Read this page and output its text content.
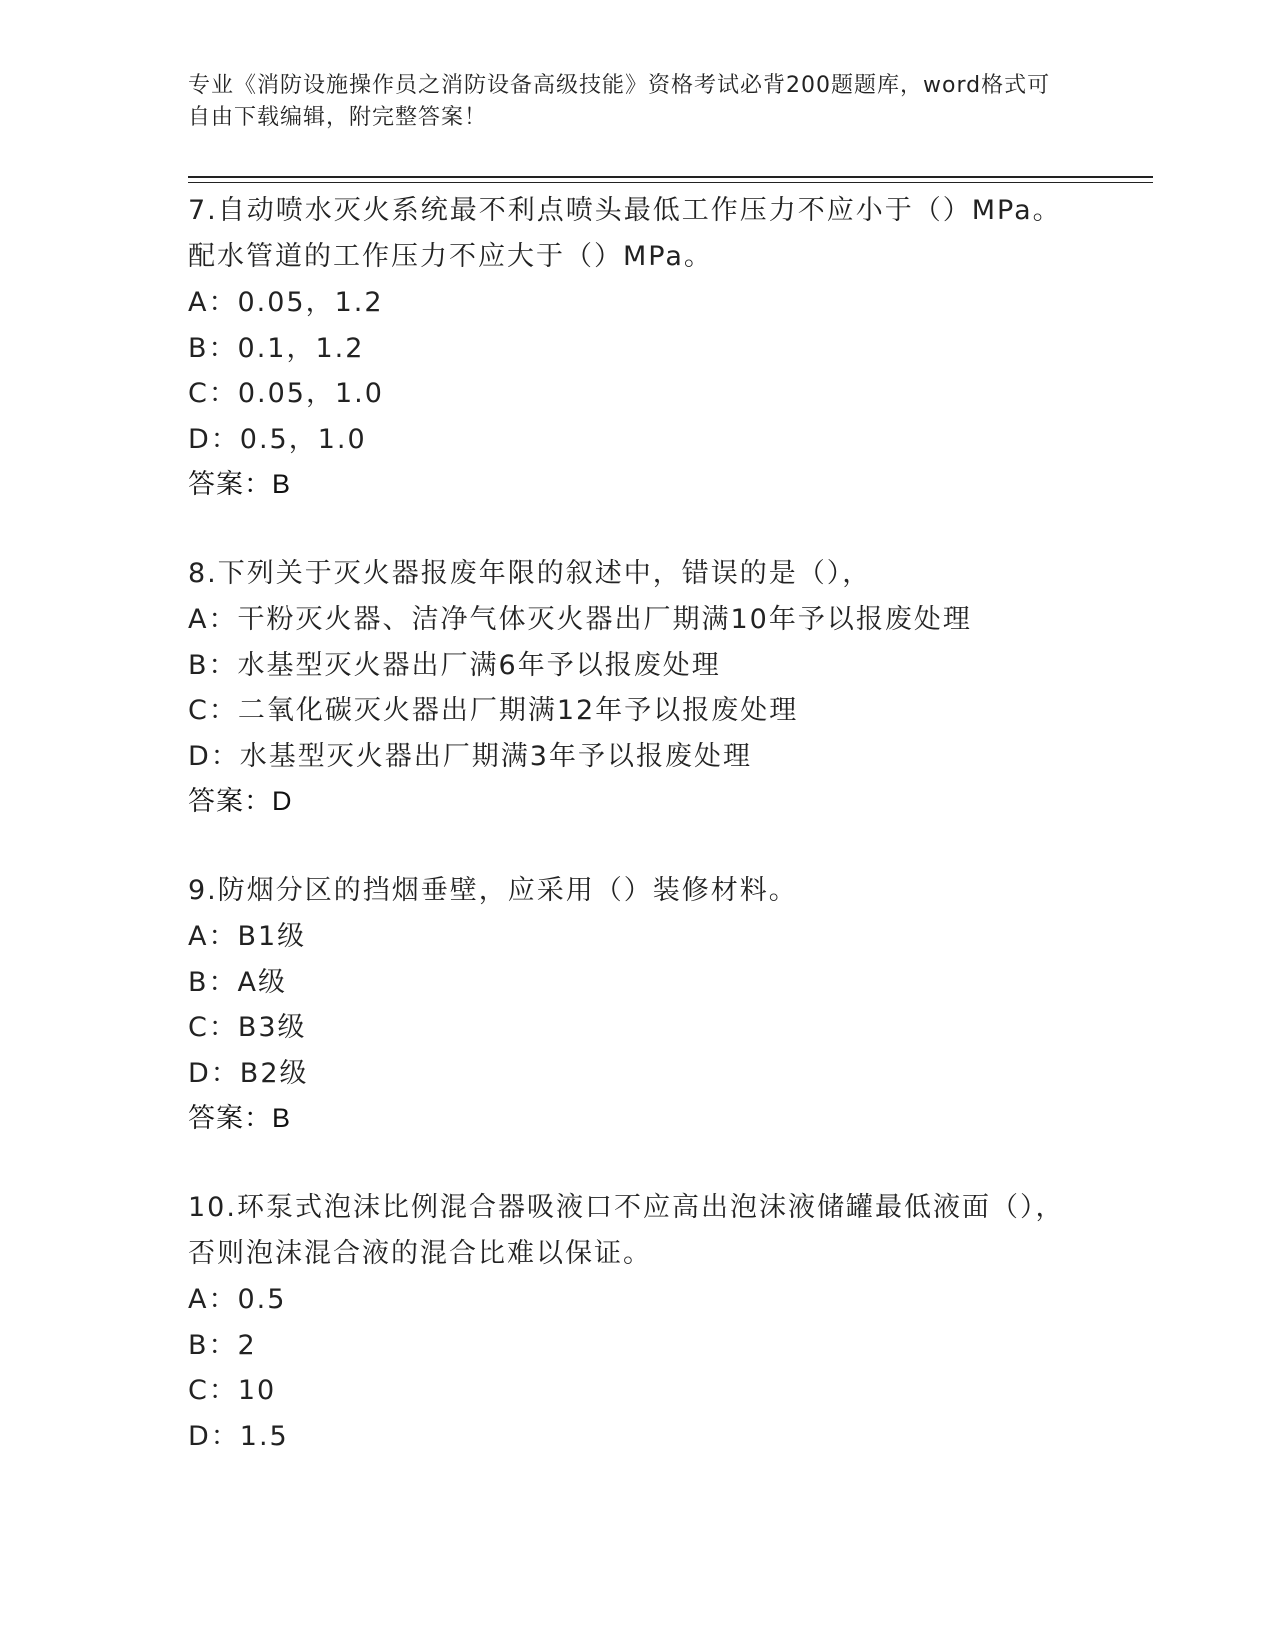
专业《消防设施操作员之消防设备高级技能》资格考试必背200题题库，word格式可自由下载编辑，附完整答案！

7.自动喷水灭火系统最不利点喷头最低工作压力不应小于（）MPa。配水管道的工作压力不应大于（）MPa。

A：0.05，1.2

B：0.1，1.2

C：0.05，1.0

D：0.5，1.0

答案：B

8.下列关于灭火器报废年限的叙述中，错误的是（），

A：干粉灭火器、洁净气体灭火器出厂期满10年予以报废处理

B：水基型灭火器出厂满6年予以报废处理

C：二氧化碳灭火器出厂期满12年予以报废处理

D：水基型灭火器出厂期满3年予以报废处理

答案：D

9.防烟分区的挡烟垂壁，应采用（）装修材料。

A：B1级

B：A级

C：B3级

D：B2级

答案：B

10.环泵式泡沫比例混合器吸液口不应高出泡沫液储罐最低液面（），否则泡沫混合液的混合比难以保证。

A：0.5

B：2

C：10

D：1.5
